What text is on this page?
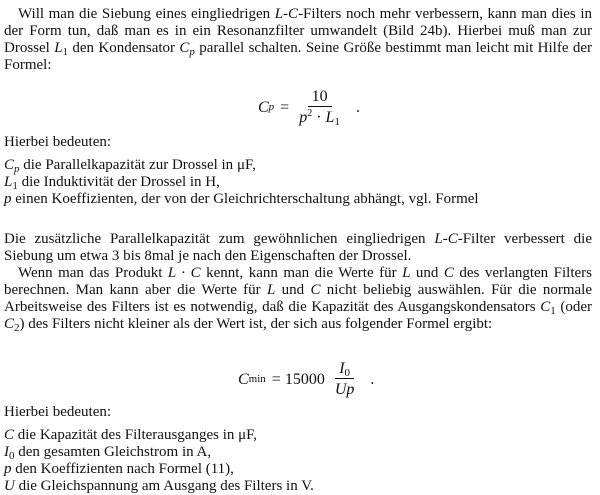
Will man die Siebung eines eingliedrigen L-C-Filters noch mehr verbessern, kann man dies in der Form tun, daß man es in ein Resonanzfilter umwandelt (Bild 24b). Hierbei muß man zur Drossel $L_1$ den Kondensator $C_p$ parallel schalten. Seine Größe bestimmt man leicht mit Hilfe der Formel:

C $p = \frac{10}{p^2 \cdot L_1}$ .

Hierbei bedeuten:

$C_p$ die Parallelkapazität zur Drossel in μF,

$L_1$ die Induktivität der Drossel in H,

p einen Koeffizienten, der von der Gleichrichterschaltung abhängt, vgl. Formel

Die zusätzliche Parallelkapazität zum gewöhnlichen eingliedrigen L-C-Filter verbessert die Siebung um etwa 3 bis 8mal je nach den Eigenschaften der Drossel.

Wenn man das Produkt L · C kennt, kann man die Werte für L und C des verlangten Filters berechnen. Man kann aber die Werte für L und C nicht beliebig auswählen. Für die normale Arbeitsweise des Filters ist es notwendig, daß die Kapazität des Ausgangskondensators $C_1$ (oder $C_2$) des Filters nicht kleiner als der Wert ist, der sich aus folgender Formel ergibt:

C $\min = 15000 \frac{I_0}{Up}$ .

Hierbei bedeuten:

C die Kapazität des Filterausganges in μF,

$I_0$ den gesamten Gleichstrom in A,

p den Koeffizienten nach Formel (11),

U die Gleichspannung am Ausgang des Filters in V.
